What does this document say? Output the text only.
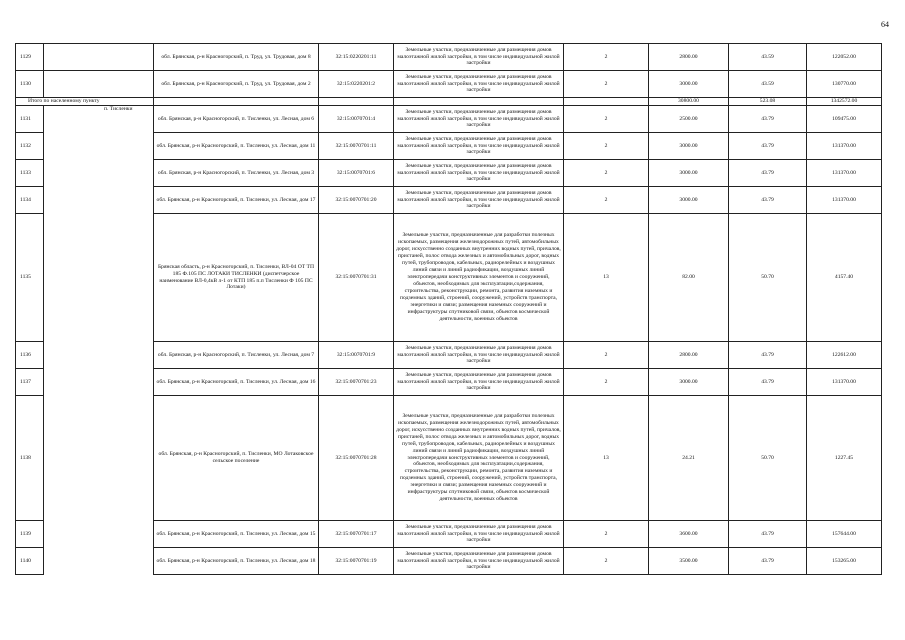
64
1129		обл. Брянская, р-н Красногорский, п. Труд, ул. Трудовая, дом 8	32:15:0220201:11	Земельные участки, предназначенные для размещения домов малоэтажной жилой застройки, в том числе индивидуальной жилой застройки	2	2800.00	43.59	122052.00
1130		обл. Брянская, р-н Красногорский, п. Труд, ул. Трудовая, дом 2	32:15:0220201:2	Земельные участки, предназначенные для размещения домов малоэтажной жилой застройки, в том числе индивидуальной жилой застройки	2	3000.00	43.59	130770.00
Итого по населенному пункту						30800.00	523.08	1342572.00
1131	п. Тисленки	обл. Брянская, р-н Красногорский, п. Тисленки, ул. Лесная, дом 6	32:15:0070701:4	Земельные участки, предназначенные для размещения домов малоэтажной жилой застройки, в том числе индивидуальной жилой застройки	2	2500.00	43.79	109475.00
1132		обл. Брянская, р-н Красногорский, п. Тисленки, ул. Лесная, дом 11	32:15:0070701:11	Земельные участки, предназначенные для размещения домов малоэтажной жилой застройки, в том числе индивидуальной жилой застройки	2	3000.00	43.79	131370.00
1133		обл. Брянская, р-н Красногорский, п. Тисленки, ул. Лесная, дом 3	32:15:0070701:6	Земельные участки, предназначенные для размещения домов малоэтажной жилой застройки, в том числе индивидуальной жилой застройки	2	3000.00	43.79	131370.00
1134		обл. Брянская, р-н Красногорский, п. Тисленки, ул. Лесная, дом 17	32:15:0070701:20	Земельные участки, предназначенные для размещения домов малоэтажной жилой застройки, в том числе индивидуальной жилой застройки	2	3000.00	43.79	131370.00
1135		Брянская область, р-н Красногорский, п. Тисленки, ВЛ-04 ОТ ТП 185 Ф.105 ПС ЛОТАКИ ТИСЛЕНКИ (диспетчерское наименование ВЛ-0,4кВ л-1 от КТП 185 п.п Тисленки Ф 105 ПС Лотаки)	32:15:0070701:31	Земельные участки, предназначенные для разработки полезных ископаемых, размещения железнодорожных путей, автомобильных дорог, искусственно созданных внутренних водных путей, причалов, пристаней, полос отвода железных и автомобильных дорог, водных путей, трубопроводов, кабельных, радиорелейных и воздушных линий связи и линий радиофикации, воздушных линий электропередачи конструктивных элементов и сооружений, объектов, необходимых для эксплуатации,содержания, строительства, реконструкции, ремонта, развития наземных и подземных зданий, строений, сооружений, устройств транспорта, энергетики и связи; размещения наземных сооружений и инфраструктуры спутниковой связи, объектов космической деятельности, военных объектов	13	82.00	50.70	4157.40
1136		обл. Брянская, р-н Красногорский, п. Тисленки, ул. Лесная, дом 7	32:15:0070701:9	Земельные участки, предназначенные для размещения домов малоэтажной жилой застройки, в том числе индивидуальной жилой застройки	2	2800.00	43.79	122612.00
1137		обл. Брянская, р-н Красногорский, п. Тисленки, ул. Лесная, дом 16	32:15:0070701:23	Земельные участки, предназначенные для размещения домов малоэтажной жилой застройки, в том числе индивидуальной жилой застройки	2	3000.00	43.79	131370.00
1138		обл. Брянская, р-н Красногорский, п. Тисленки, МО Лотаковское сельское поселение	32:15:0070701:28	Земельные участки, предназначенные для разработки полезных ископаемых, размещения железнодорожных путей, автомобильных дорог, искусственно созданных внутренних водных путей, причалов, пристаней, полос отвода железных и автомобильных дорог, водных путей, трубопроводов, кабельных, радиорелейных и воздушных линий связи и линий радиофикации, воздушных линий электропередачи конструктивных элементов и сооружений, объектов, необходимых для эксплуатации,содержания, строительства, реконструкции, ремонта, развития наземных и подземных зданий, строений, сооружений, устройств транспорта, энергетики и связи; размещения наземных сооружений и инфраструктуры спутниковой связи, объектов космической деятельности, военных объектов	13	24.21	50.70	1227.45
1139		обл. Брянская, р-н Красногорский, п. Тисленки, ул. Лесная, дом 15	32:15:0070701:17	Земельные участки, предназначенные для размещения домов малоэтажной жилой застройки, в том числе индивидуальной жилой застройки	2	3600.00	43.79	157644.00
1140		обл. Брянская, р-н Красногорский, п. Тисленки, ул. Лесная, дом 18	32:15:0070701:19	Земельные участки, предназначенные для размещения домов малоэтажной жилой застройки, в том числе индивидуальной жилой застройки	2	3500.00	43.79	153265.00
